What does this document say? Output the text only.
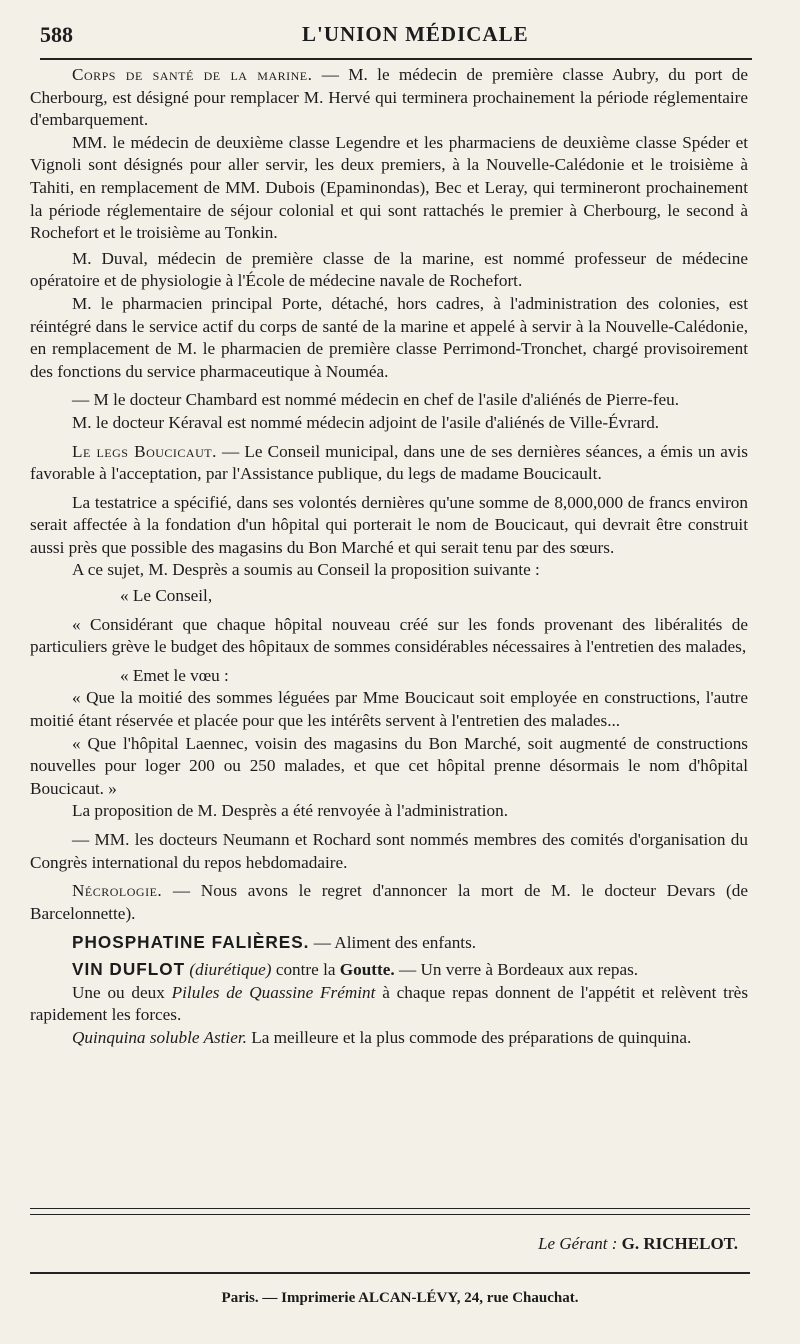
588	L'UNION MÉDICALE

Corps de santé de la marine. — M. le médecin de première classe Aubry, du port de Cherbourg, est désigné pour remplacer M. Hervé qui terminera prochainement la période réglementaire d'embarquement.

MM. le médecin de deuxième classe Legendre et les pharmaciens de deuxième classe Spéder et Vignoli sont désignés pour aller servir, les deux premiers, à la Nouvelle-Calédonie et le troisième à Tahiti, en remplacement de MM. Dubois (Epaminondas), Bec et Leray, qui termineront prochainement la période réglementaire de séjour colonial et qui sont rattachés le premier à Cherbourg, le second à Rochefort et le troisième au Tonkin.

M. Duval, médecin de première classe de la marine, est nommé professeur de médecine opératoire et de physiologie à l'École de médecine navale de Rochefort.

M. le pharmacien principal Porte, détaché, hors cadres, à l'administration des colonies, est réintégré dans le service actif du corps de santé de la marine et appelé à servir à la Nouvelle-Calédonie, en remplacement de M. le pharmacien de première classe Perrimond-Tronchet, chargé provisoirement des fonctions du service pharmaceutique à Nouméa.

— M le docteur Chambard est nommé médecin en chef de l'asile d'aliénés de Pierre-feu.

M. le docteur Kéraval est nommé médecin adjoint de l'asile d'aliénés de Ville-Évrard.

Le legs Boucicaut. — Le Conseil municipal, dans une de ses dernières séances, a émis un avis favorable à l'acceptation, par l'Assistance publique, du legs de madame Boucicault.

La testatrice a spécifié, dans ses volontés dernières qu'une somme de 8,000,000 de francs environ serait affectée à la fondation d'un hôpital qui porterait le nom de Boucicaut, qui devrait être construit aussi près que possible des magasins du Bon Marché et qui serait tenu par des sœurs.

A ce sujet, M. Desprès a soumis au Conseil la proposition suivante :

« Le Conseil,

« Considérant que chaque hôpital nouveau créé sur les fonds provenant des libéralités de particuliers grève le budget des hôpitaux de sommes considérables nécessaires à l'entretien des malades,

« Emet le vœu :

« Que la moitié des sommes léguées par Mme Boucicaut soit employée en constructions, l'autre moitié étant réservée et placée pour que les intérêts servent à l'entretien des malades...

« Que l'hôpital Laennec, voisin des magasins du Bon Marché, soit augmenté de constructions nouvelles pour loger 200 ou 250 malades, et que cet hôpital prenne désormais le nom d'hôpital Boucicaut. »

La proposition de M. Desprès a été renvoyée à l'administration.

— MM. les docteurs Neumann et Rochard sont nommés membres des comités d'organisation du Congrès international du repos hebdomadaire.

Nécrologie. — Nous avons le regret d'annoncer la mort de M. le docteur Devars (de Barcelonnette).

PHOSPHATINE FALIÈRES. — Aliment des enfants.

VIN DUFLOT (diurétique) contre la Goutte. — Un verre à Bordeaux aux repas.

Une ou deux Pilules de Quassine Frémint à chaque repas donnent de l'appétit et relèvent très rapidement les forces.

Quinquina soluble Astier. La meilleure et la plus commode des préparations de quinquina.

Le Gérant : G. RICHELOT.
Paris. — Imprimerie ALCAN-LÉVY, 24, rue Chauchat.
